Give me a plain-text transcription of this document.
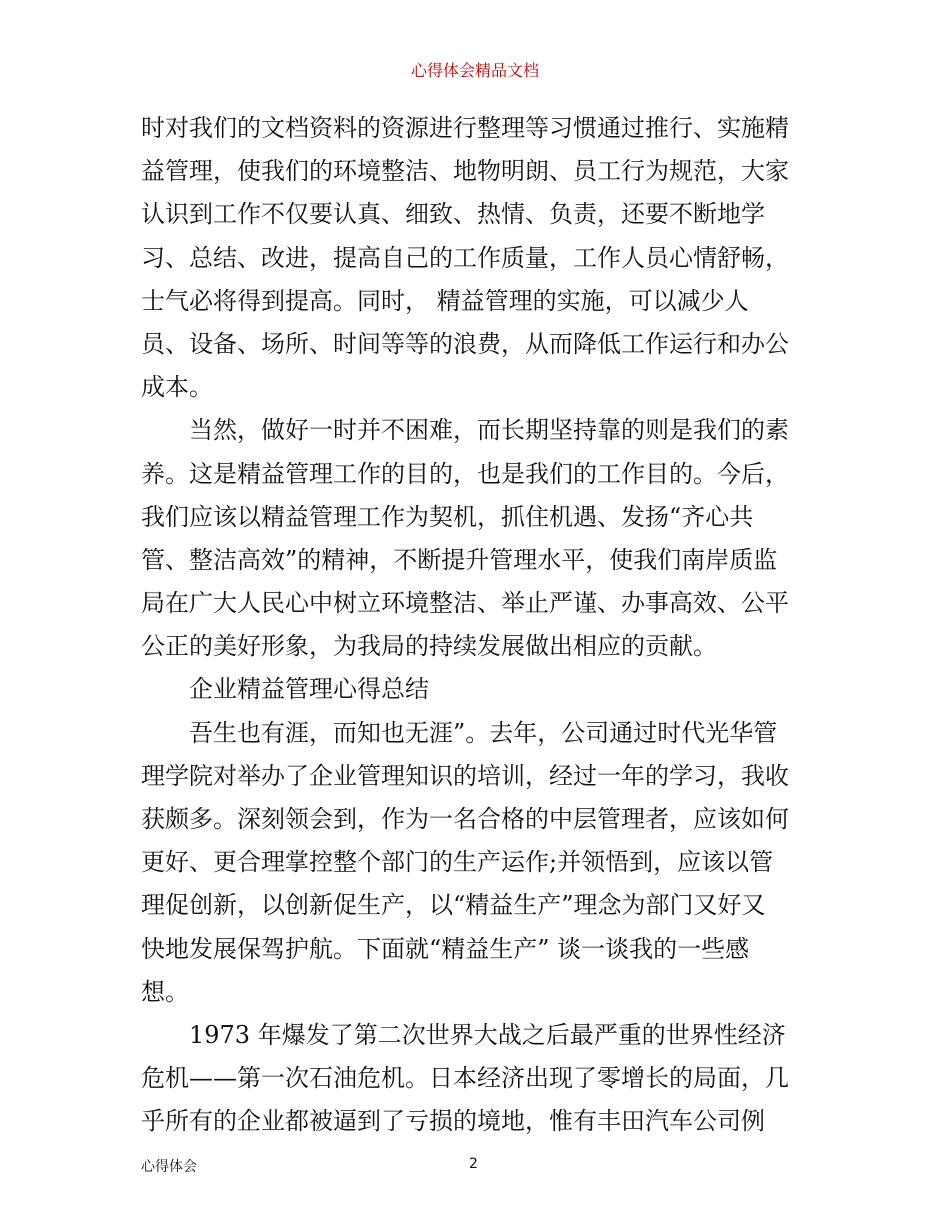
心得体会精品文档
时对我们的文档资料的资源进行整理等习惯通过推行、实施精
益管理，使我们的环境整洁、地物明朗、员工行为规范，大家
认识到工作不仅要认真、细致、热情、负责，还要不断地学
习、总结、改进，提高自己的工作质量，工作人员心情舒畅，
士气必将得到提高。同时， 精益管理的实施，可以减少人
员、设备、场所、时间等等的浪费，从而降低工作运行和办公
成本。
当然，做好一时并不困难，而长期坚持靠的则是我们的素
养。这是精益管理工作的目的，也是我们的工作目的。今后，
我们应该以精益管理工作为契机，抓住机遇、发扬“齐心共
管、整洁高效”的精神，不断提升管理水平，使我们南岸质监
局在广大人民心中树立环境整洁、举止严谨、办事高效、公平
公正的美好形象，为我局的持续发展做出相应的贡献。
企业精益管理心得总结
吾生也有涯，而知也无涯”。去年，公司通过时代光华管
理学院对举办了企业管理知识的培训，经过一年的学习，我收
获颇多。深刻领会到，作为一名合格的中层管理者，应该如何
更好、更合理掌控整个部门的生产运作;并领悟到，应该以管
理促创新，以创新促生产，以“精益生产”理念为部门又好又
快地发展保驾护航。下面就“精益生产” 谈一谈我的一些感
想。
1973 年爆发了第二次世界大战之后最严重的世界性经济
危机——第一次石油危机。日本经济出现了零增长的局面，几
乎所有的企业都被逼到了亏损的境地，惟有丰田汽车公司例
心得体会	2
